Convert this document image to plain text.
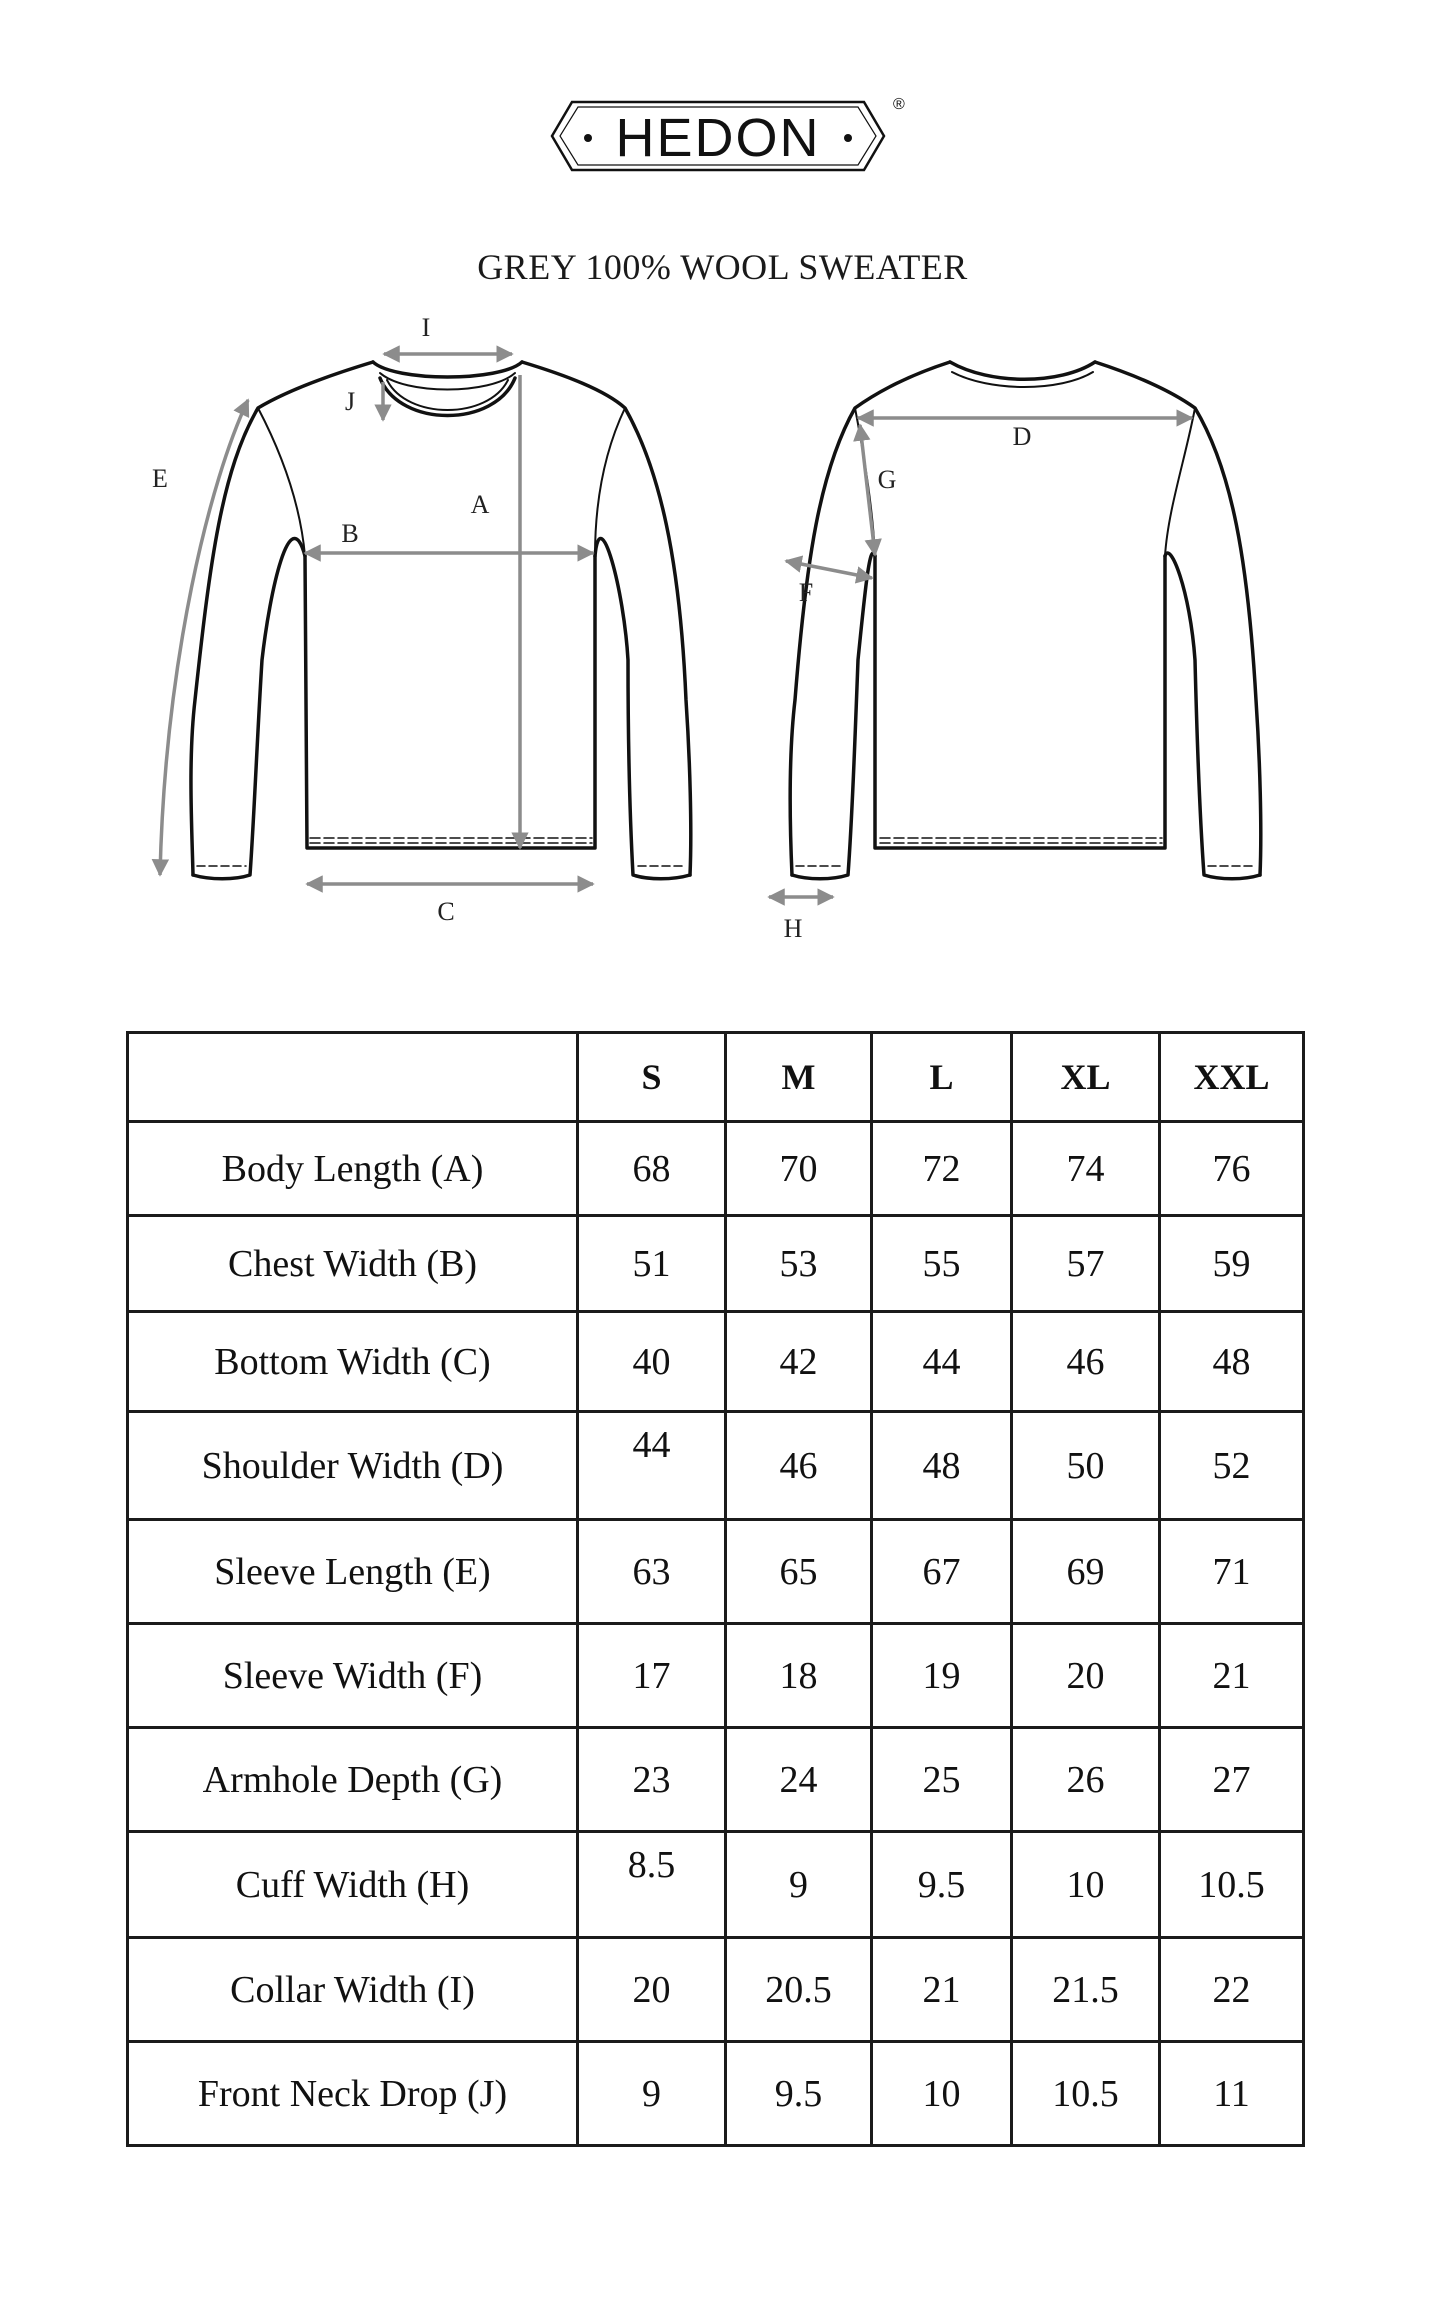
HEDON
®
GREY 100% WOOL SWEATER
I
J
A
B
C
E
D
G
F
H
	S	M	L	XL	XXL
Body Length (A)	68	70	72	74	76
Chest Width (B)	51	53	55	57	59
Bottom Width (C)	40	42	44	46	48
Shoulder Width (D)	44	46	48	50	52
Sleeve Length (E)	63	65	67	69	71
Sleeve Width (F)	17	18	19	20	21
Armhole Depth (G)	23	24	25	26	27
Cuff Width (H)	8.5	9	9.5	10	10.5
Collar Width (I)	20	20.5	21	21.5	22
Front Neck Drop (J)	9	9.5	10	10.5	11
